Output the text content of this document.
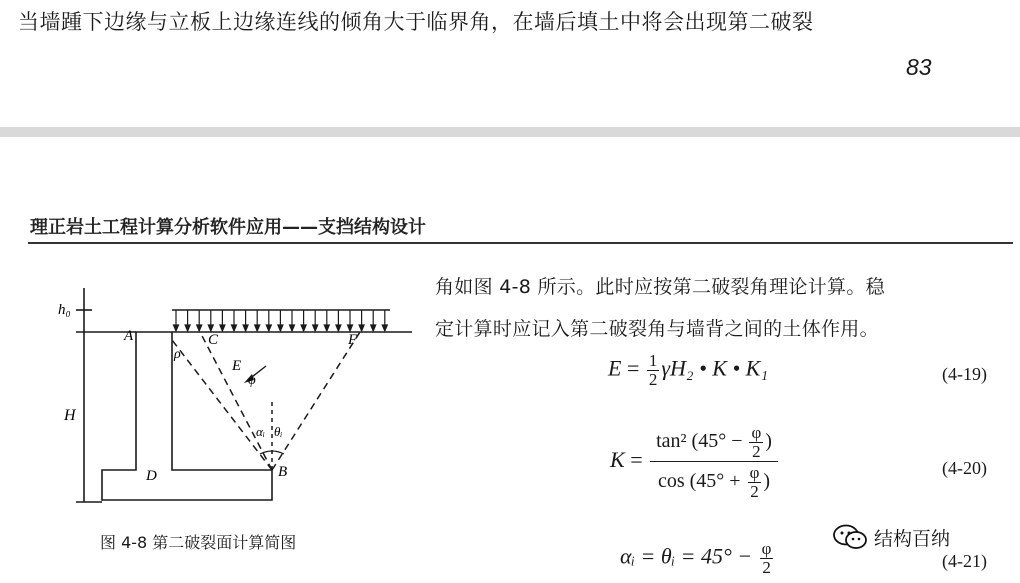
当墙踵下边缘与立板上边缘连线的倾角大于临界角，在墙后填土中将会出现第二破裂
83
理正岩土工程计算分析软件应用——支挡结构设计
角如图 4-8 所示。此时应按第二破裂角理论计算。稳
定计算时应记入第二破裂角与墙背之间的土体作用。
$E = \frac{1}{2} \gamma H_2$ • K • K₁	(4-19)
$K = \frac{\tan^2 (45^\circ - \frac{\varphi}{2} )}{\cos (45^\circ + \frac{\varphi}{2} )}$	(4-20)
αᵢ = θᵢ = $45^\circ - \frac{\varphi}{2}$	(4-21)
h₀
H
A	C	F
ρ
E
φ
αᵢ θᵢ
D	B
图 4-8 第二破裂面计算简图	结构百纳
